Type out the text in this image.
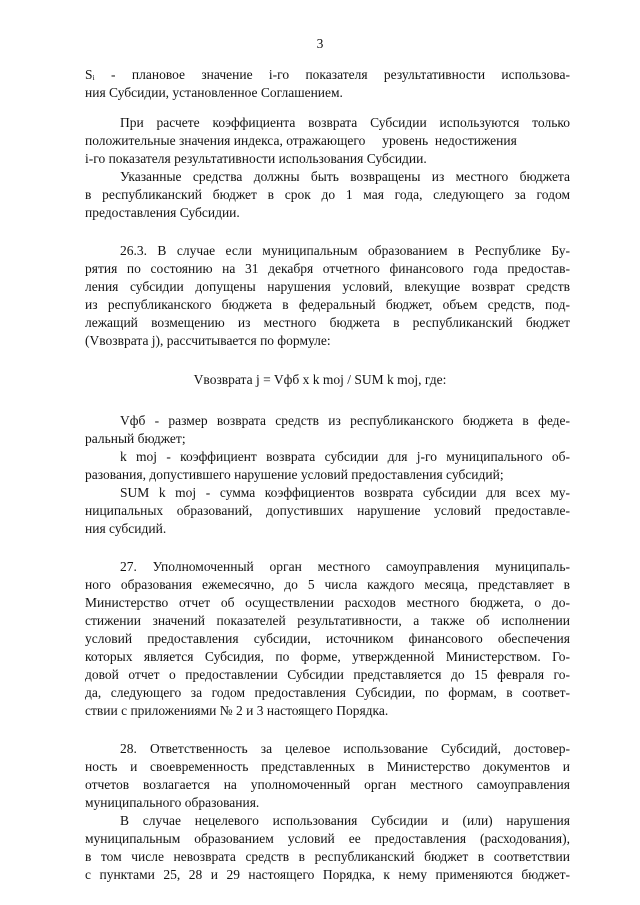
3
Sᵢ - плановое значение i-го показателя результативности использова-
ния Субсидии, установленное Соглашением.
При расчете коэффициента возврата Субсидии используются только
положительные значения индекса, отражающего     уровень  недостижения
i-го показателя результативности использования Субсидии.
Указанные средства должны быть возвращены из местного бюджета
в республиканский бюджет в срок до 1 мая года, следующего за годом
предоставления Субсидии.
26.3. В случае если муниципальным образованием в Республике Бу-
рятия по состоянию на 31 декабря отчетного финансового года предостав-
ления субсидии допущены нарушения условий, влекущие возврат средств
из республиканского бюджета в федеральный бюджет, объем средств, под-
лежащий возмещению из местного бюджета в республиканский бюджет
(Vвозврата j), рассчитывается по формуле:
Vвозврата j = Vфб x k moj / SUM k moj, где:
Vфб - размер возврата средств из республиканского бюджета в феде-
ральный бюджет;
k moj - коэффициент возврата субсидии для j-го муниципального об-
разования, допустившего нарушение условий предоставления субсидий;
SUM k moj - сумма коэффициентов возврата субсидии для всех му-
ниципальных образований, допустивших нарушение условий предоставле-
ния субсидий.
27. Уполномоченный орган местного самоуправления муниципаль-
ного образования ежемесячно, до 5 числа каждого месяца, представляет в
Министерство отчет об осуществлении расходов местного бюджета, о до-
стижении значений показателей результативности, а также об исполнении
условий предоставления субсидии, источником финансового обеспечения
которых является Субсидия, по форме, утвержденной Министерством. Го-
довой отчет о предоставлении Субсидии представляется до 15 февраля го-
да, следующего за годом предоставления Субсидии, по формам, в соответ-
ствии с приложениями № 2 и 3 настоящего Порядка.
28. Ответственность за целевое использование Субсидий, достовер-
ность и своевременность представленных в Министерство документов и
отчетов возлагается на уполномоченный орган местного самоуправления
муниципального образования.
В случае нецелевого использования Субсидии и (или) нарушения
муниципальным образованием условий ее предоставления (расходования),
в том числе невозврата средств в республиканский бюджет в соответствии
с пунктами 25, 28 и 29 настоящего Порядка, к нему применяются бюджет-
